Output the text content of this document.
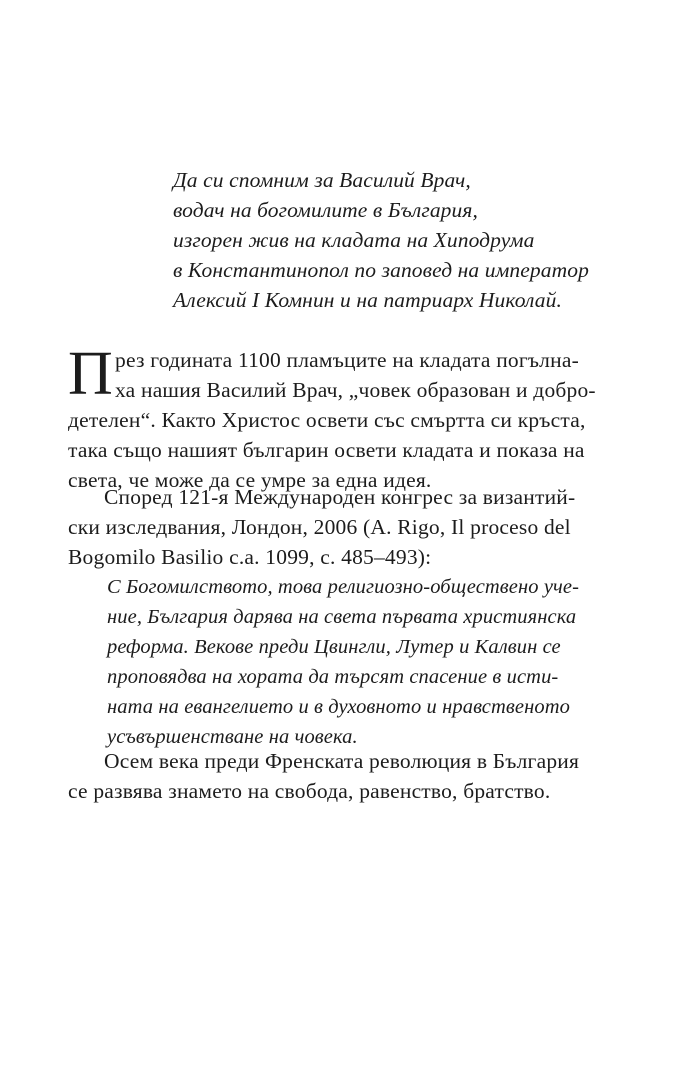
Да си спомним за Василий Врач,
водач на богомилите в България,
изгорен жив на кладата на Хиподрума
в Константинопол по заповед на император
Алексий I Комнин и на патриарх Николай.
П рез годината 1100 пламъците на кладата погълна-
ха нашия Василий Врач, „човек образован и добро-
детелен“. Както Христос освети със смъртта си кръста,
така също нашият българин освети кладата и показа на
света, че може да се умре за една идея.
Според 121-я Международен конгрес за византий-
ски изследвания, Лондон, 2006 (A. Rigo, Il proceso del
Bogomilo Basilio c.a. 1099, c. 485–493):
С Богомилството, това религиозно-обществено уче-
ние, България дарява на света първата християнска
реформа. Векове преди Цвингли, Лутер и Калвин се
проповядва на хората да търсят спасение в исти-
ната на евангелието и в духовното и нравственото
усъвършенстване на човека.
Осем века преди Френската революция в България
се развява знамето на свобода, равенство, братство.
